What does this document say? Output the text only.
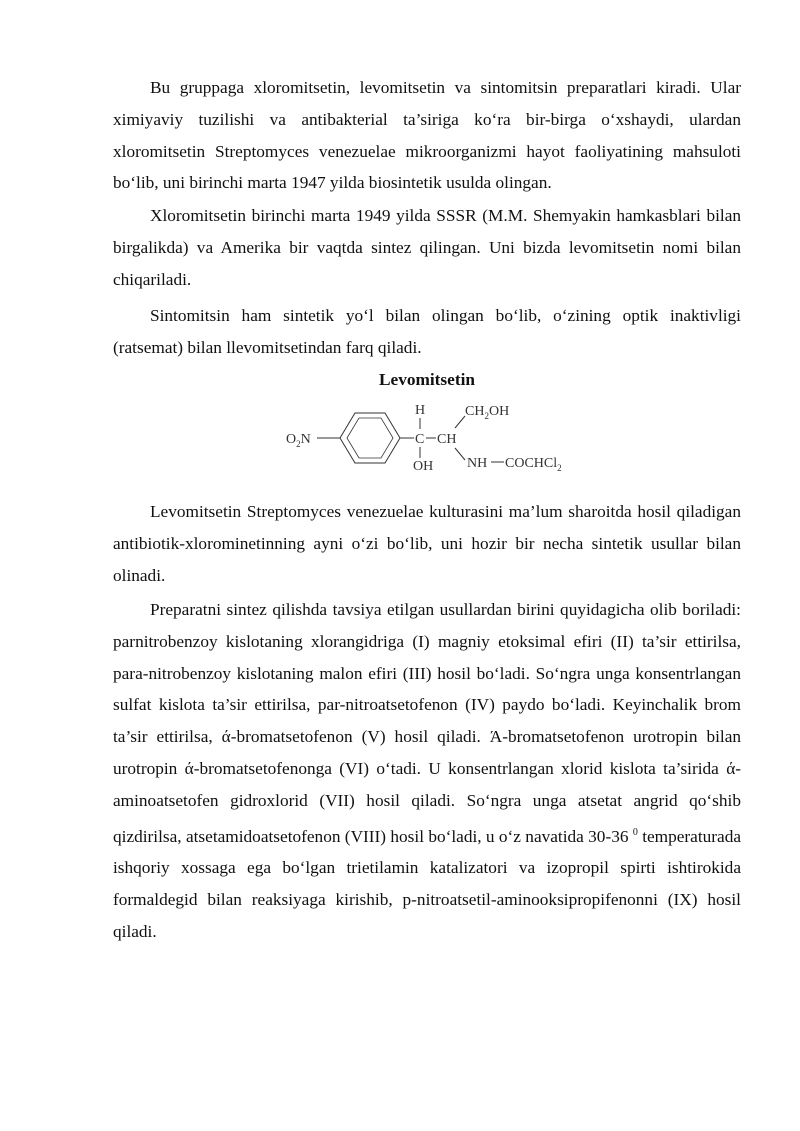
Bu gruppaga xloromitsetin, levomitsetin va sintomitsin preparatlari kiradi. Ular ximiyaviy tuzilishi va antibakterial ta’siriga ko‘ra bir-birga o‘xshaydi, ulardan xloromitsetin Streptomyces venezuelae mikroorganizmi hayot faoliyatining mahsuloti bo‘lib, uni birinchi marta 1947 yilda biosintetik usulda olingan.

Xloromitsetin birinchi marta 1949 yilda SSSR (M.M. Shemyakin hamkasblari bilan birgalikda) va Amerika bir vaqtda sintez qilingan. Uni bizda levomitsetin nomi bilan chiqariladi.

Sintomitsin ham sintetik yo‘l bilan olingan bo‘lib, o‘zining optik inaktivligi (ratsemat) bilan llevomitsetindan farq qiladi.

Levomitsetin

$O_2N$	C
H
OH
CH
$CH_2OH$
NH COCHCl$_2$

Levomitsetin Streptomyces venezuelae kulturasini ma’lum sharoitda hosil qiladigan antibiotik-xlorominetinning ayni o‘zi bo‘lib, uni hozir bir necha sintetik usullar bilan olinadi.

Preparatni sintez qilishda tavsiya etilgan usullardan birini quyidagicha olib boriladi: parnitrobenzoy kislotaning xlorangidriga (I) magniy etoksimal efiri (II) ta’sir ettirilsa, para-nitrobenzoy kislotaning malon efiri (III) hosil bo‘ladi. So‘ngra unga konsentrlangan sulfat kislota ta’sir ettirilsa, par-nitroatsetofenon (IV) paydo bo‘ladi. Keyinchalik brom ta’sir ettirilsa, ά-bromatsetofenon (V) hosil qiladi. Ά-bromatsetofenon urotropin bilan urotropin ά-bromatsetofenonga (VI) o‘tadi. U konsentrlangan xlorid kislota ta’sirida ά-aminoatsetofen gidroxlorid (VII) hosil qiladi. So‘ngra unga atsetat angrid qo‘shib qizdirilsa, atsetamidoatsetofenon (VIII) hosil bo‘ladi, u o‘z navatida 30-36 $^0$ temperaturada ishqoriy xossaga ega bo‘lgan trietilamin katalizatori va izopropil spirti ishtirokida formaldegid bilan reaksiyaga kirishib, p-nitroatsetil-aminooksipropifenonni (IX) hosil qiladi.
